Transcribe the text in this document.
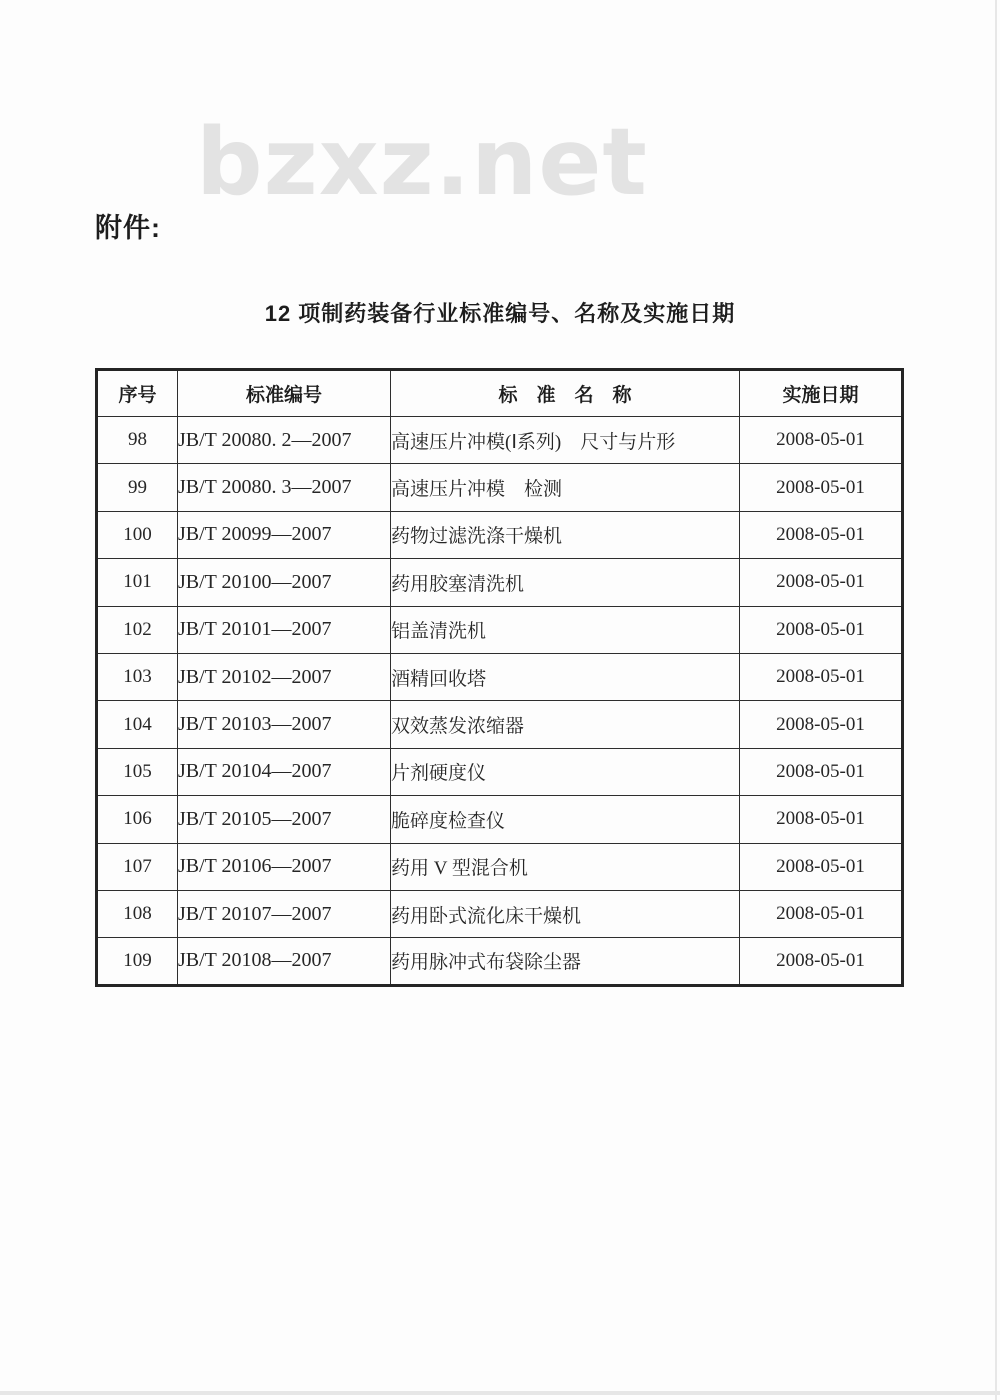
bzxz.net
附件:
12 项制药装备行业标准编号、名称及实施日期
序号	标准编号	标　准　名　称	实施日期
98	JB/T 20080. 2—2007	高速压片冲模(Ⅰ系列)　尺寸与片形	2008-05-01
99	JB/T 20080. 3—2007	高速压片冲模　检测	2008-05-01
100	JB/T 20099—2007	药物过滤洗涤干燥机	2008-05-01
101	JB/T 20100—2007	药用胶塞清洗机	2008-05-01
102	JB/T 20101—2007	铝盖清洗机	2008-05-01
103	JB/T 20102—2007	酒精回收塔	2008-05-01
104	JB/T 20103—2007	双效蒸发浓缩器	2008-05-01
105	JB/T 20104—2007	片剂硬度仪	2008-05-01
106	JB/T 20105—2007	脆碎度检查仪	2008-05-01
107	JB/T 20106—2007	药用 V 型混合机	2008-05-01
108	JB/T 20107—2007	药用卧式流化床干燥机	2008-05-01
109	JB/T 20108—2007	药用脉冲式布袋除尘器	2008-05-01
